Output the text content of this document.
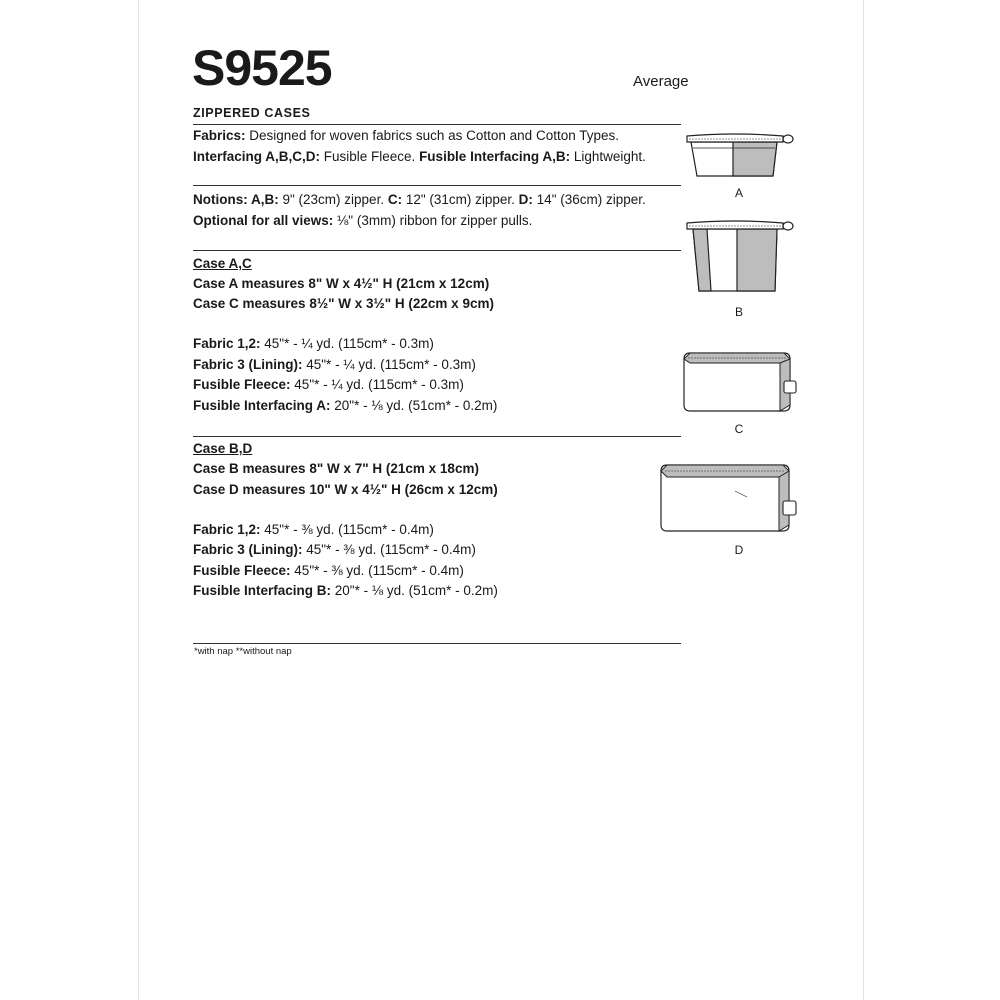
S9525	Average
ZIPPERED CASES
Fabrics: Designed for woven fabrics such as Cotton and Cotton Types.
Interfacing A,B,C,D: Fusible Fleece. Fusible Interfacing A,B: Lightweight.
Notions: A,B: 9" (23cm) zipper. C: 12" (31cm) zipper. D: 14" (36cm) zipper.
Optional for all views: ⅛" (3mm) ribbon for zipper pulls.
Case A,C
Case A measures 8" W x 4½" H (21cm x 12cm)
Case C measures 8½" W x 3½" H (22cm x 9cm)
Fabric 1,2: 45"* - ¼ yd. (115cm* - 0.3m)
Fabric 3 (Lining): 45"* - ¼ yd. (115cm* - 0.3m)
Fusible Fleece: 45"* - ¼ yd. (115cm* - 0.3m)
Fusible Interfacing A: 20"* - ⅛ yd. (51cm* - 0.2m)
Case B,D
Case B measures 8" W x 7" H (21cm x 18cm)
Case D measures 10" W x 4½" H (26cm x 12cm)
Fabric 1,2: 45"* - ⅜ yd. (115cm* - 0.4m)
Fabric 3 (Lining): 45"* - ⅜ yd. (115cm* - 0.4m)
Fusible Fleece: 45"* - ⅜ yd. (115cm* - 0.4m)
Fusible Interfacing B: 20"* - ⅛ yd. (51cm* - 0.2m)
*with nap **without nap
A
B
C
D
